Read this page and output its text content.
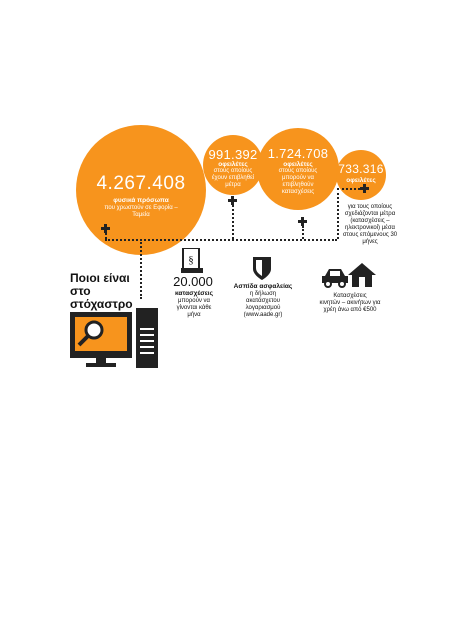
4.267.408
φυσικά πρόσωπα
που χρωστούν σε Εφορία – Ταμεία
991.392
οφειλέτες
στους οποίους έχουν επιβληθεί μέτρα
1.724.708
οφειλέτες
στους οποίους μπορούν να επιβληθούν κατασχέσεις
733.316
οφειλέτες
για τους οποίους σχεδιάζονται μέτρα (κατασχέσεις – ηλεκτρονικοί) μέσα στους επόμενους 30 μήνες
Ποιοι είναι στο στόχαστρο
§
20.000
κατασχέσεις
μπορούν να γίνονται κάθε μήνα
Ασπίδα ασφαλείας
η δήλωση ακατάσχετου λογαριασμού (www.aade.gr)
Κατασχέσεις
κινητών – ακινήτων για χρέη άνω από €500
